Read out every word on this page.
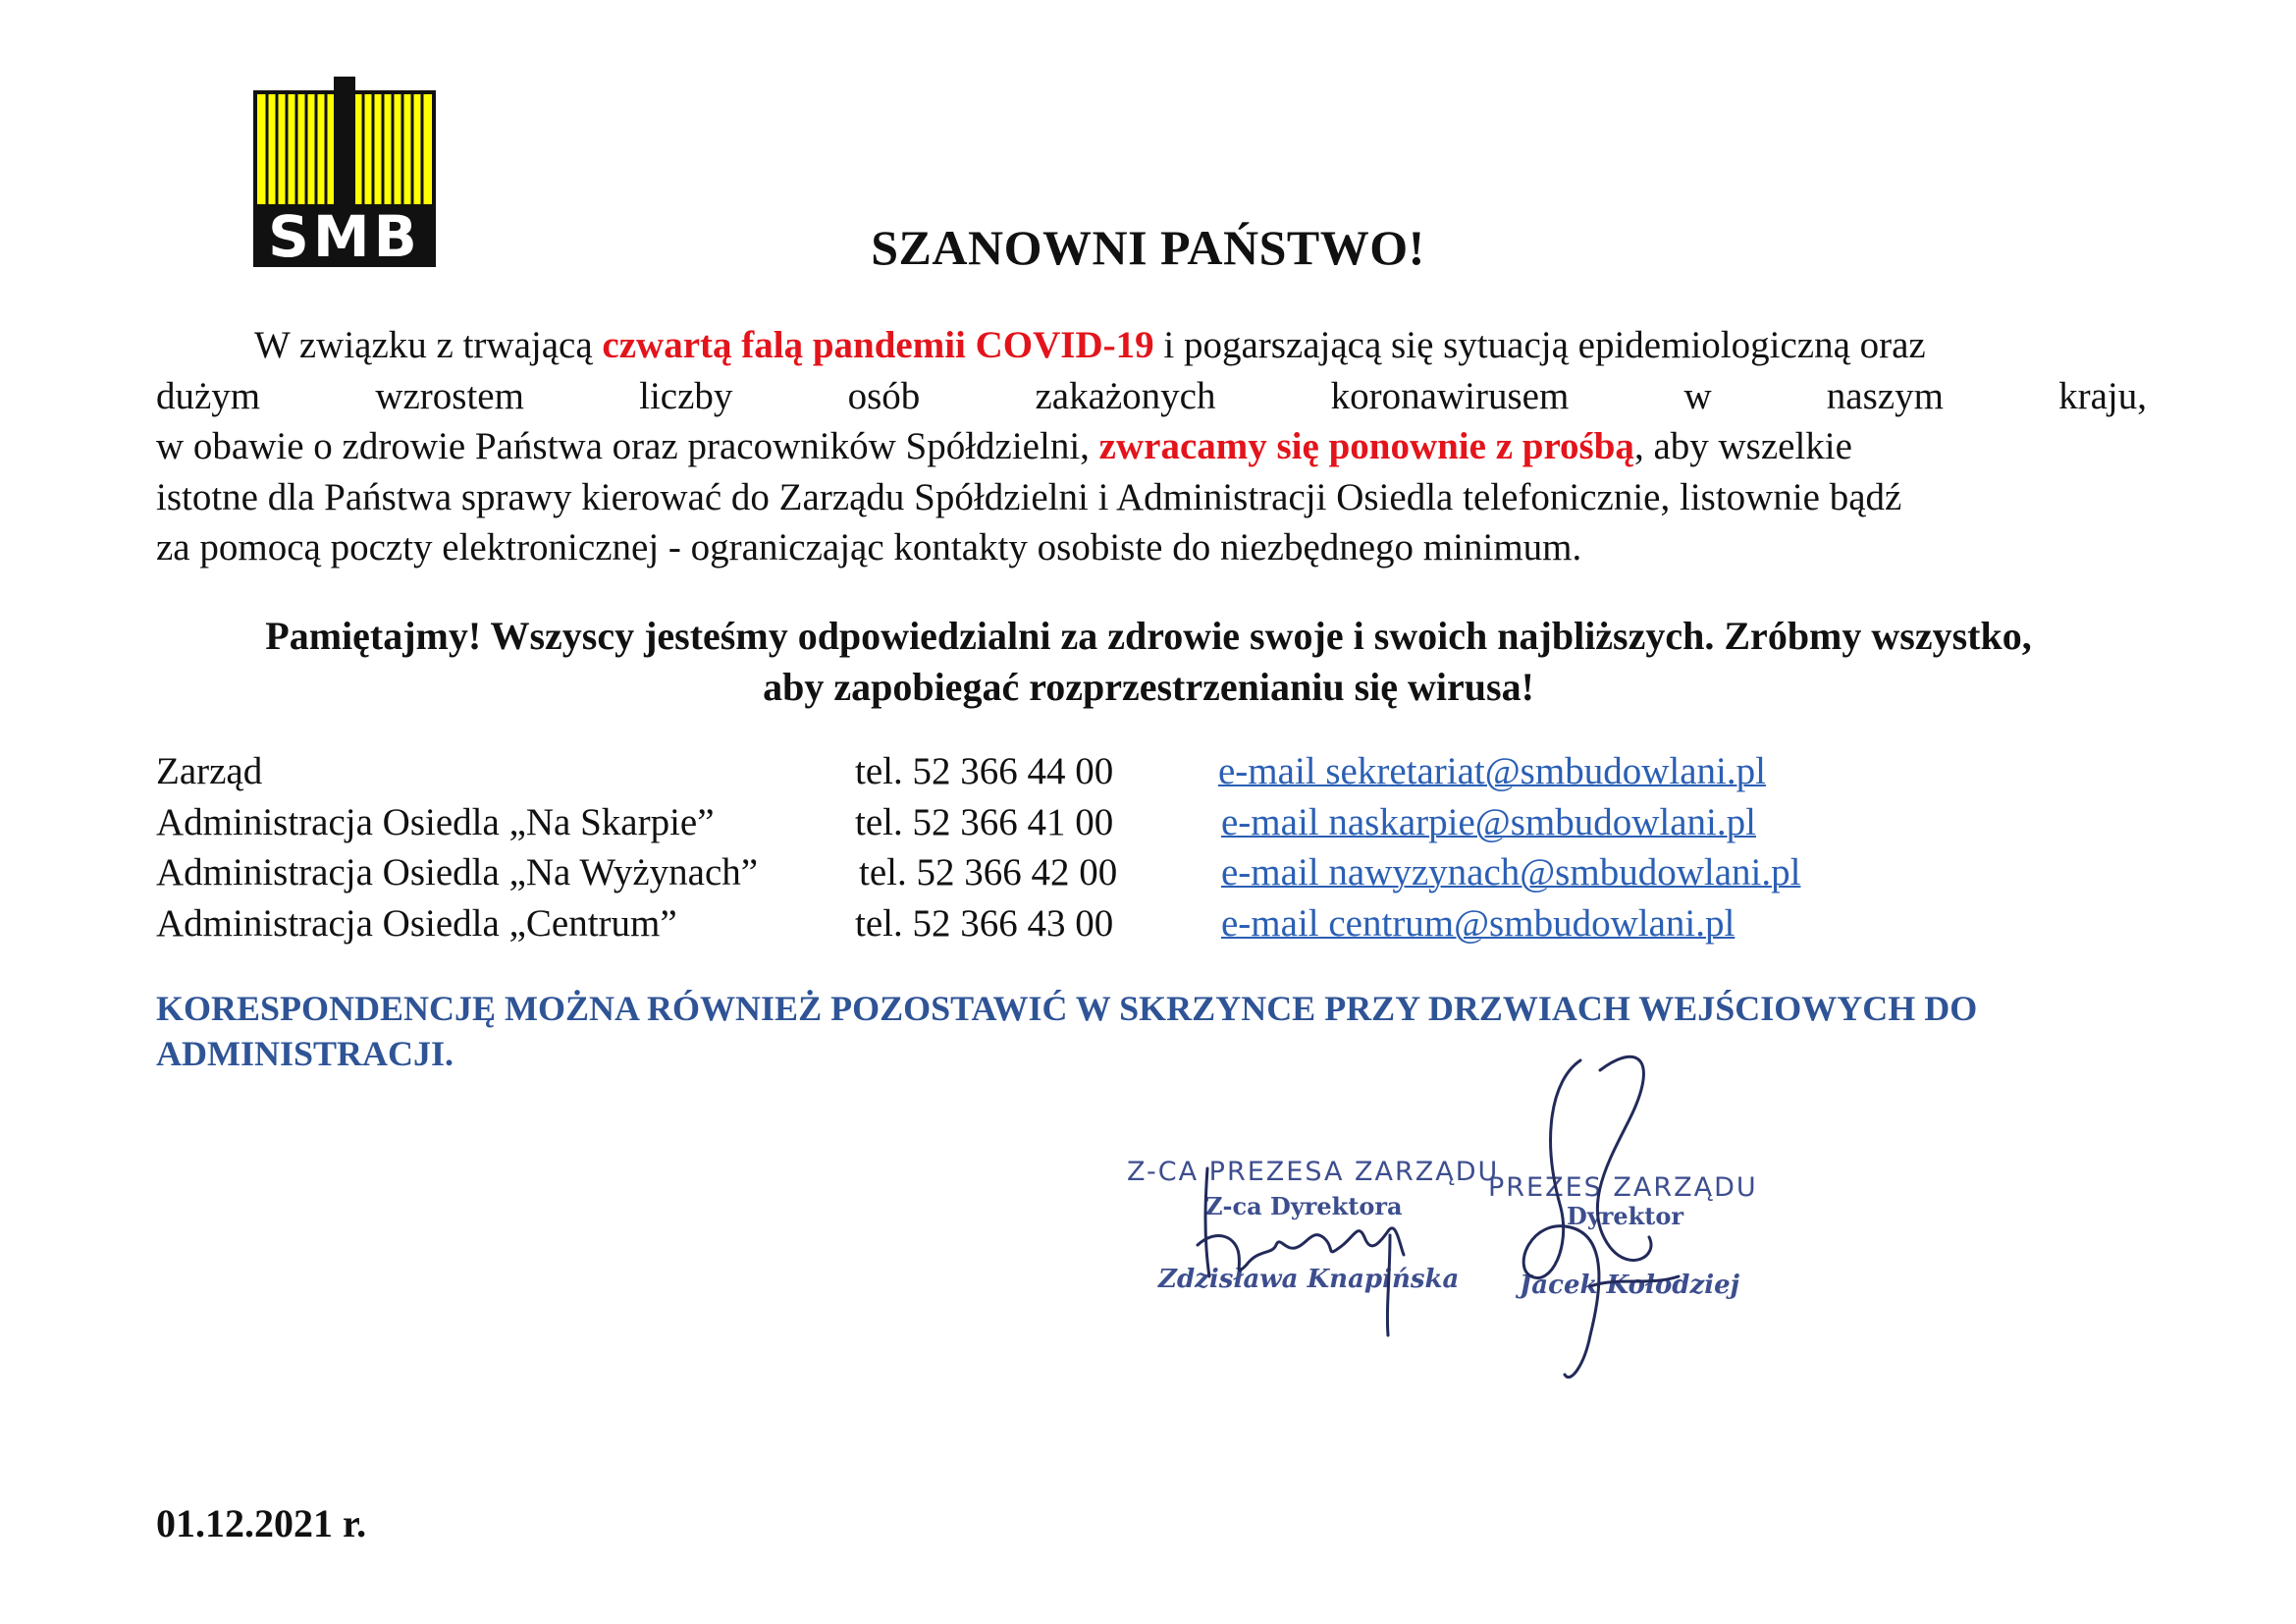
SMB	SZANOWNI PAŃSTWO!
W związku z trwającą czwartą falą pandemii COVID-19 i pogarszającą się sytuacją epidemiologiczną oraz
dużym wzrostem liczby osób zakażonych koronawirusem w naszym kraju,
w obawie o zdrowie Państwa oraz pracowników Spółdzielni, zwracamy się ponownie z prośbą, aby wszelkie
istotne dla Państwa sprawy kierować do Zarządu Spółdzielni i Administracji Osiedla telefonicznie, listownie bądź
za pomocą poczty elektronicznej - ograniczając kontakty osobiste do niezbędnego minimum.
Pamiętajmy! Wszyscy jesteśmy odpowiedzialni za zdrowie swoje i swoich najbliższych. Zróbmy wszystko,
aby zapobiegać rozprzestrzenianiu się wirusa!
Zarząd	tel. 52 366 44 00	e-mail sekretariat@smbudowlani.pl
Administracja Osiedla „Na Skarpie”	tel. 52 366 41 00	e-mail naskarpie@smbudowlani.pl
Administracja Osiedla „Na Wyżynach”	tel. 52 366 42 00	e-mail nawyzynach@smbudowlani.pl
Administracja Osiedla „Centrum”	tel. 52 366 43 00	e-mail centrum@smbudowlani.pl
KORESPONDENCJĘ MOŻNA RÓWNIEŻ POZOSTAWIĆ W SKRZYNCE PRZY DRZWIACH WEJŚCIOWYCH DO
ADMINISTRACJI.
Z-CA PREZESA ZARZĄDU
Z-ca Dyrektora
Zdzisława Knapińska
PREZES ZARZĄDU
Dyrektor
Jacek Kołodziej
01.12.2021 r.
